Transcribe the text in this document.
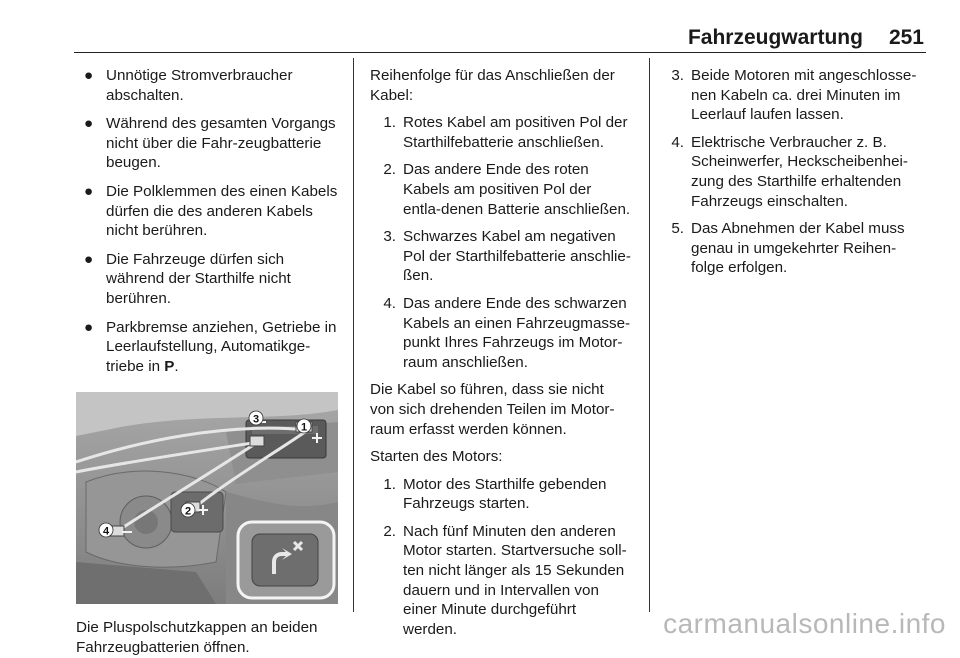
Fahrzeugwartung 251
● Unnötige Stromverbraucher abschalten.
● Während des gesamten Vorgangs nicht über die Fahr-zeugbatterie beugen.
● Die Polklemmen des einen Kabels dürfen die des anderen Kabels nicht berühren.
● Die Fahrzeuge dürfen sich während der Starthilfe nicht berühren.
● Parkbremse anziehen, Getriebe in Leerlaufstellung, Automatikge-triebe in P.
1
2
3
4
Die Pluspolschutzkappen an beiden Fahrzeugbatterien öffnen.

Reihenfolge für das Anschließen der Kabel:

1. Rotes Kabel am positiven Pol der Starthilfebatterie anschließen.
2. Das andere Ende des roten Kabels am positiven Pol der entla-denen Batterie anschließen.
3. Schwarzes Kabel am negativen Pol der Starthilfebatterie anschlie-ßen.
4. Das andere Ende des schwarzen Kabels an einen Fahrzeugmasse-punkt Ihres Fahrzeugs im Motor-raum anschließen.

Die Kabel so führen, dass sie nicht von sich drehenden Teilen im Motor-raum erfasst werden können.

Starten des Motors:

1. Motor des Starthilfe gebenden Fahrzeugs starten.
2. Nach fünf Minuten den anderen Motor starten. Startversuche soll-ten nicht länger als 15 Sekunden dauern und in Intervallen von einer Minute durchgeführt werden.
3. Beide Motoren mit angeschlosse-nen Kabeln ca. drei Minuten im Leerlauf laufen lassen.
4. Elektrische Verbraucher z. B. Scheinwerfer, Heckscheibenhei-zung des Starthilfe erhaltenden Fahrzeugs einschalten.
5. Das Abnehmen der Kabel muss genau in umgekehrter Reihen-folge erfolgen.
carmanualsonline.info
